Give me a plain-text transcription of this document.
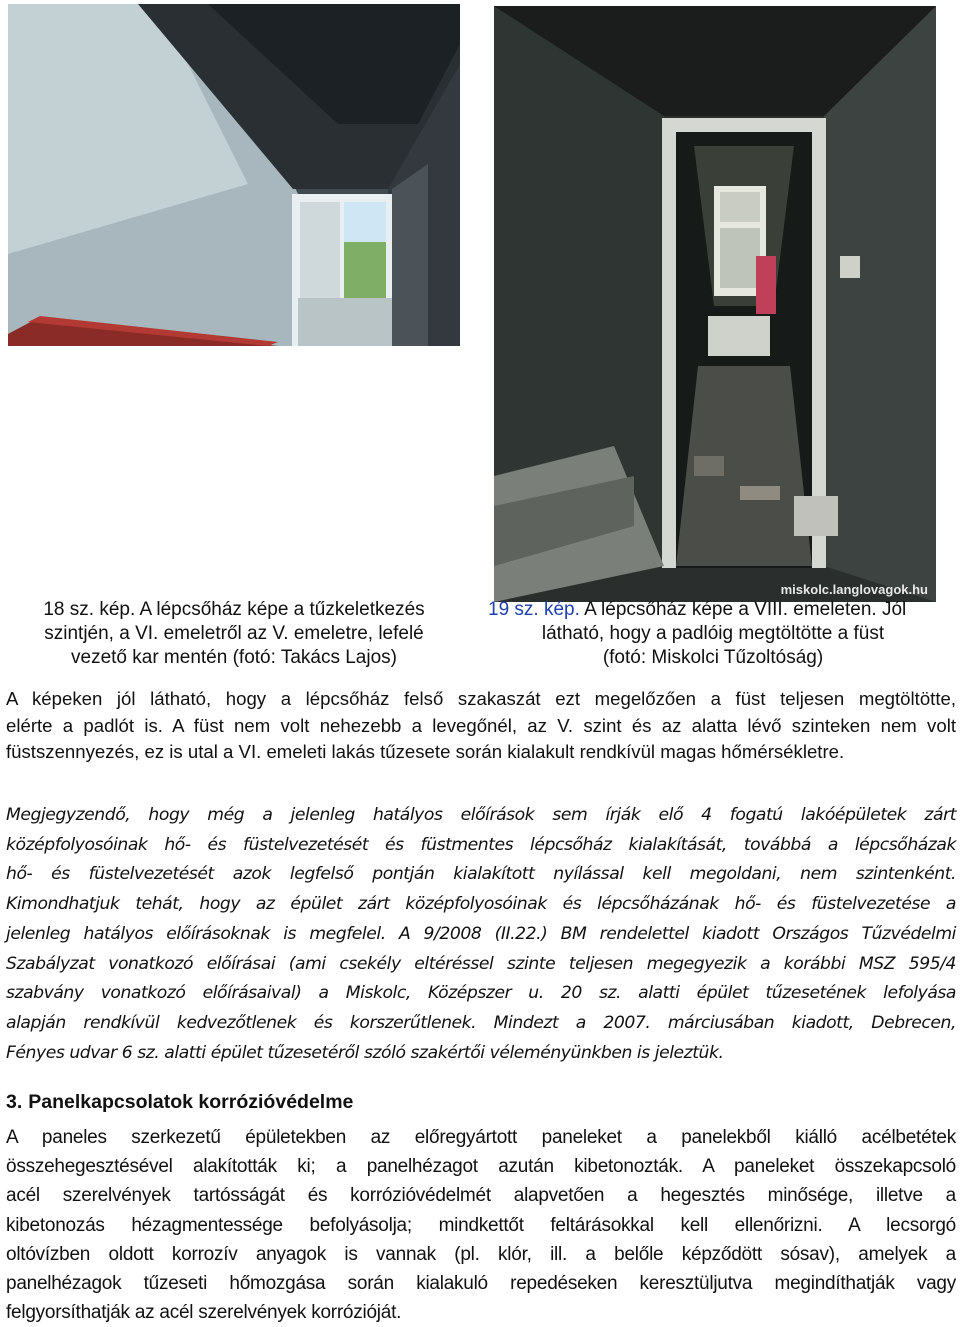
miskolc.langlovagok.hu
18 sz. kép. A lépcsőház képe a tűzkeletkezés
szintjén, a VI. emeletről az V. emeletre, lefelé
vezető kar mentén (fotó: Takács Lajos)
19 sz. kép. A lépcsőház képe a VIII. emeleten. Jól
látható, hogy a padlóig megtöltötte a füst
(fotó: Miskolci Tűzoltóság)
A képeken jól látható, hogy a lépcsőház felső szakaszát ezt megelőzően a füst teljesen megtöltötte,
elérte a padlót is. A füst nem volt nehezebb a levegőnél, az V. szint és az alatta lévő szinteken nem volt
füstszennyezés, ez is utal a VI. emeleti lakás tűzesete során kialakult rendkívül magas hőmérsékletre.
Megjegyzendő, hogy még a jelenleg hatályos előírások sem írják elő 4 fogatú lakóépületek zárt
középfolyosóinak hő- és füstelvezetését és füstmentes lépcsőház kialakítását, továbbá a lépcsőházak
hő- és füstelvezetését azok legfelső pontján kialakított nyílással kell megoldani, nem szintenként.
Kimondhatjuk tehát, hogy az épület zárt középfolyosóinak és lépcsőházának hő- és füstelvezetése a
jelenleg hatályos előírásoknak is megfelel. A 9/2008 (II.22.) BM rendelettel kiadott Országos Tűzvédelmi
Szabályzat vonatkozó előírásai (ami csekély eltéréssel szinte teljesen megegyezik a korábbi MSZ 595/4
szabvány vonatkozó előírásaival) a Miskolc, Középszer u. 20 sz. alatti épület tűzesetének lefolyása
alapján rendkívül kedvezőtlenek és korszerűtlenek. Mindezt a 2007. márciusában kiadott, Debrecen,
Fényes udvar 6 sz. alatti épület tűzesetéről szóló szakértői véleményünkben is jeleztük.
3. Panelkapcsolatok korrózióvédelme
A paneles szerkezetű épületekben az előregyártott paneleket a panelekből kiálló acélbetétek
összehegesztésével alakították ki; a panelhézagot azután kibetonozták. A paneleket összekapcsoló
acél szerelvények tartósságát és korrózióvédelmét alapvetően a hegesztés minősége, illetve a
kibetonozás hézagmentessége befolyásolja; mindkettőt feltárásokkal kell ellenőrizni. A lecsorgó
oltóvízben oldott korrozív anyagok is vannak (pl. klór, ill. a belőle képződött sósav), amelyek a
panelhézagok tűzeseti hőmozgása során kialakuló repedéseken keresztüljutva megindíthatják vagy
felgyorsíthatják az acél szerelvények korrózióját.
